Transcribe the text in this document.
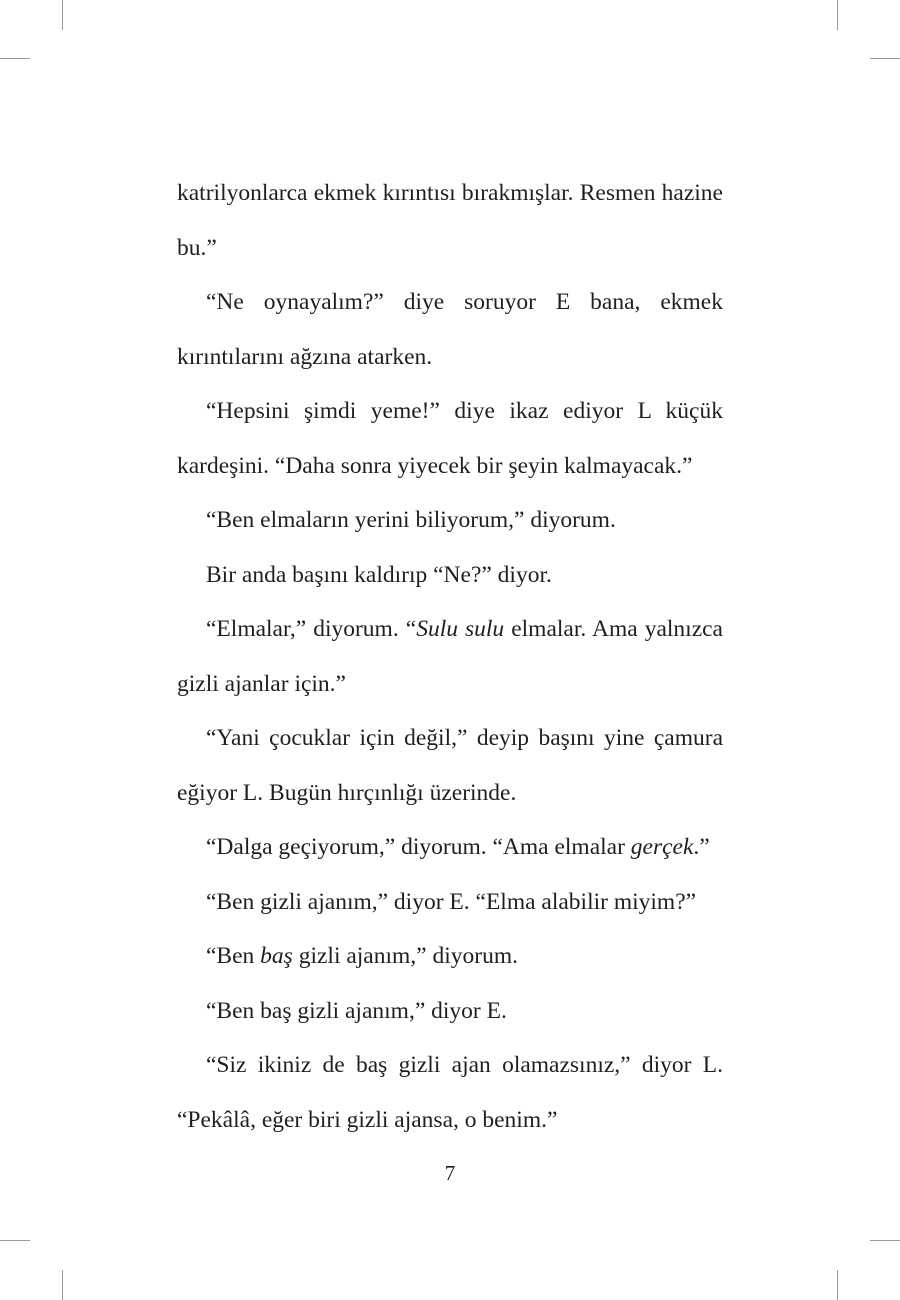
katrilyonlarca ekmek kırıntısı bırakmışlar. Resmen hazine bu.”

“Ne oynayalım?” diye soruyor E bana, ekmek kırıntılarını ağzına atarken.

“Hepsini şimdi yeme!” diye ikaz ediyor L küçük kardeşini. “Daha sonra yiyecek bir şeyin kalmayacak.”

“Ben elmaların yerini biliyorum,” diyorum.

Bir anda başını kaldırıp “Ne?” diyor.

“Elmalar,” diyorum. “Sulu sulu elmalar. Ama yalnızca gizli ajanlar için.”

“Yani çocuklar için değil,” deyip başını yine çamura eğiyor L. Bugün hırçınlığı üzerinde.

“Dalga geçiyorum,” diyorum. “Ama elmalar gerçek.”

“Ben gizli ajanım,” diyor E. “Elma alabilir miyim?”

“Ben baş gizli ajanım,” diyorum.

“Ben baş gizli ajanım,” diyor E.

“Siz ikiniz de baş gizli ajan olamazsınız,” diyor L. “Pekâlâ, eğer biri gizli ajansa, o benim.”

7
